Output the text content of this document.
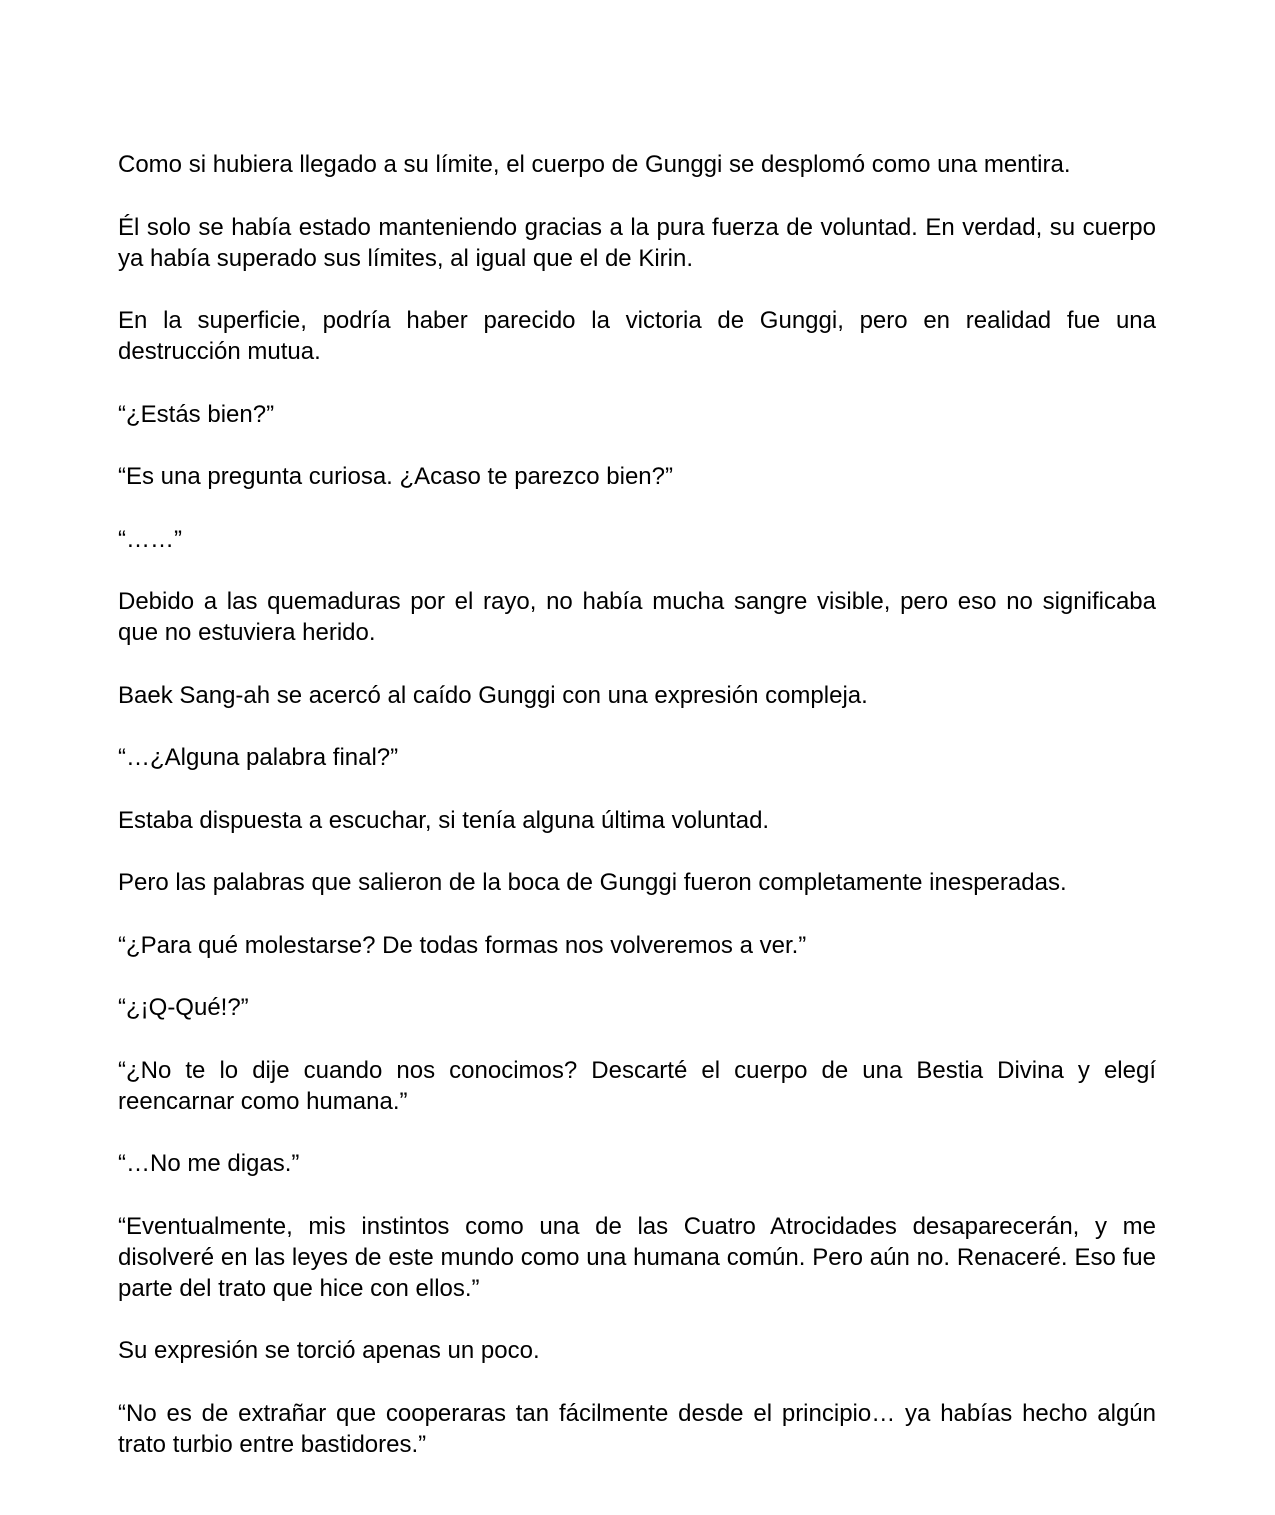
Como si hubiera llegado a su límite, el cuerpo de Gunggi se desplomó como una mentira.

Él solo se había estado manteniendo gracias a la pura fuerza de voluntad. En verdad, su cuerpo ya había superado sus límites, al igual que el de Kirin.

En la superficie, podría haber parecido la victoria de Gunggi, pero en realidad fue una destrucción mutua.

“¿Estás bien?”

“Es una pregunta curiosa. ¿Acaso te parezco bien?”

“……”

Debido a las quemaduras por el rayo, no había mucha sangre visible, pero eso no significaba que no estuviera herido.

Baek Sang-ah se acercó al caído Gunggi con una expresión compleja.

“…¿Alguna palabra final?”

Estaba dispuesta a escuchar, si tenía alguna última voluntad.

Pero las palabras que salieron de la boca de Gunggi fueron completamente inesperadas.

“¿Para qué molestarse? De todas formas nos volveremos a ver.”

“¿¡Q-Qué!?”

“¿No te lo dije cuando nos conocimos? Descarté el cuerpo de una Bestia Divina y elegí reencarnar como humana.”

“…No me digas.”

“Eventualmente, mis instintos como una de las Cuatro Atrocidades desaparecerán, y me disolveré en las leyes de este mundo como una humana común. Pero aún no. Renaceré. Eso fue parte del trato que hice con ellos.”

Su expresión se torció apenas un poco.

“No es de extrañar que cooperaras tan fácilmente desde el principio… ya habías hecho algún trato turbio entre bastidores.”
